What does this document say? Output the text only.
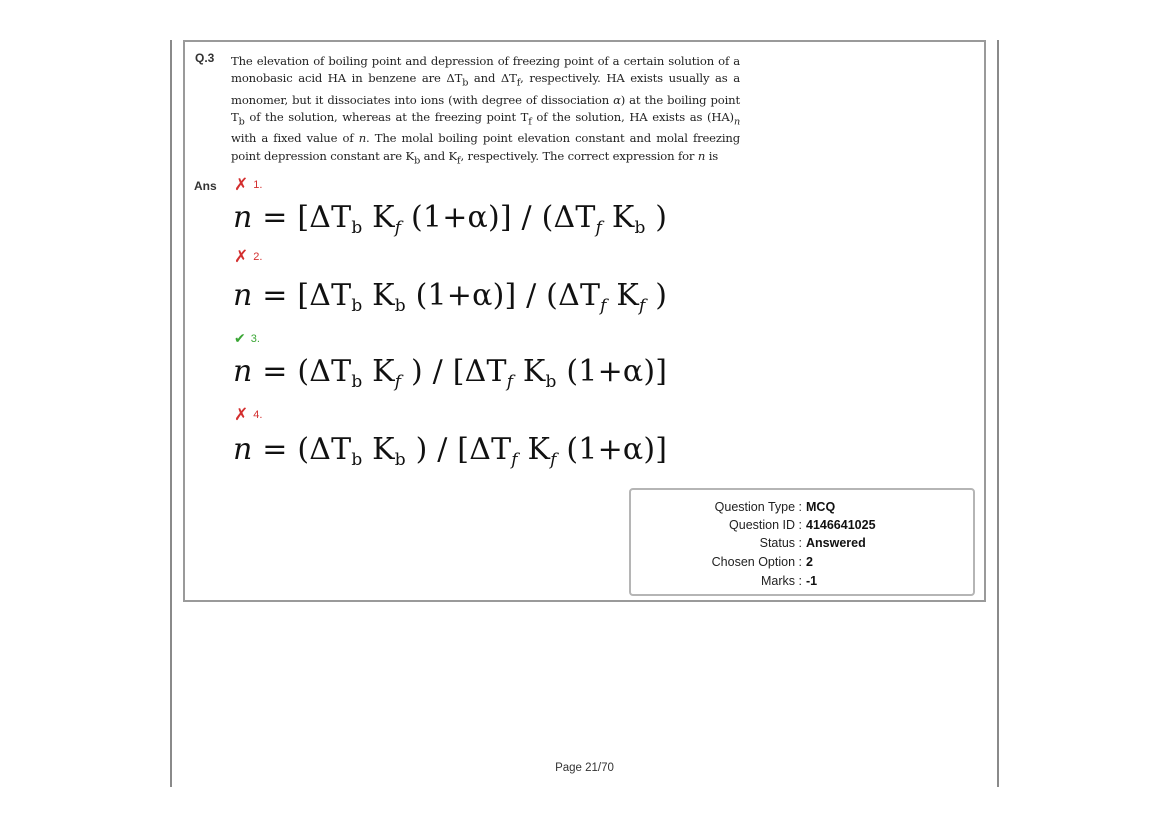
Q.3 The elevation of boiling point and depression of freezing point of a certain solution of a monobasic acid HA in benzene are $\Delta T_b$ and $\Delta T_f$, respectively. HA exists usually as a monomer, but it dissociates into ions (with degree of dissociation α) at the boiling point $T_b$ of the solution, whereas at the freezing point $T_f$ of the solution, HA exists as $(HA)_n$ with a fixed value of n. The molal boiling point elevation constant and molal freezing point depression constant are $K_b$ and $K_f$, respectively. The correct expression for n is
Ans ✗ 1.
$n = [\Delta T_b$ $K_f$ $(1+\alpha)] / (\Delta T_f$ $K_b$ )
✗ 2.
$n = [\Delta T_b$ $K_b$ $(1+\alpha)] / (\Delta T_f$ $K_f$ )
✔ 3.
$n = (\Delta T_b$ $K_f$ ) / [$\Delta T_f$ $K_b$ (1+α)]
✗ 4.
$n = (\Delta T_b$ $K_b$ ) / [$\Delta T_f$ $K_f$ (1+α)]
Question Type : MCQ
Question ID : 4146641025
Status : Answered
Chosen Option : 2
Marks : -1
Page 21/70
